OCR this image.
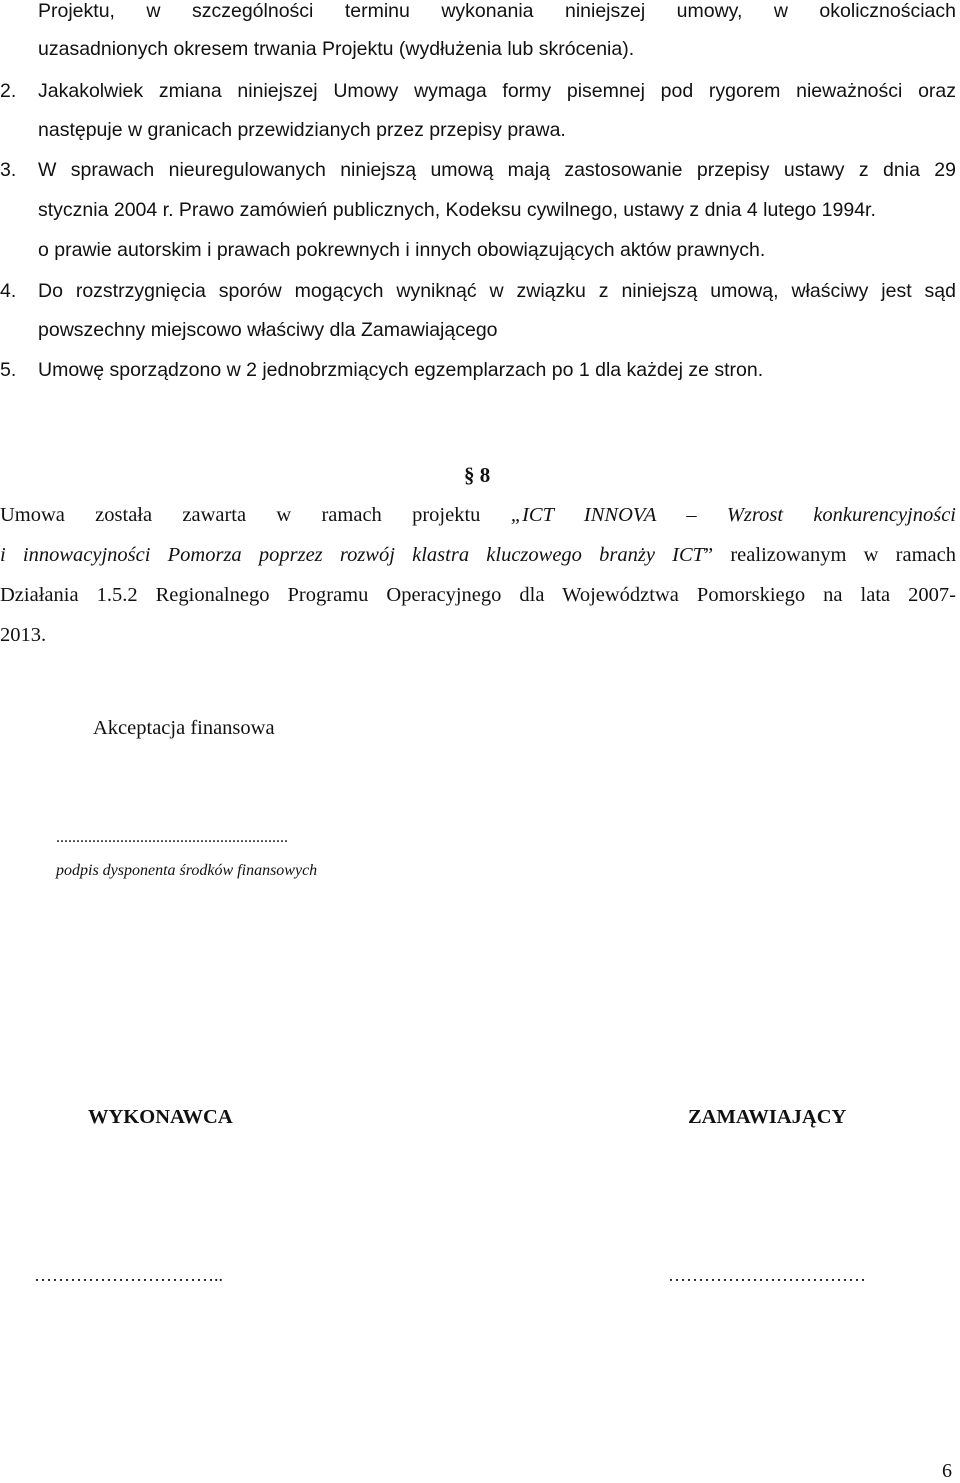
Projektu, w szczególności terminu wykonania niniejszej umowy, w okolicznościach
uzasadnionych okresem trwania Projektu (wydłużenia lub skrócenia).
2. Jakakolwiek zmiana niniejszej Umowy wymaga formy pisemnej pod rygorem nieważności oraz
następuje w granicach przewidzianych przez przepisy prawa.
3. W sprawach nieuregulowanych niniejszą umową mają zastosowanie przepisy ustawy z dnia 29
stycznia 2004 r. Prawo zamówień publicznych, Kodeksu cywilnego, ustawy z dnia 4 lutego 1994r.
o prawie autorskim i prawach pokrewnych i innych obowiązujących aktów prawnych.
4. Do rozstrzygnięcia sporów mogących wyniknąć w związku z niniejszą umową, właściwy jest sąd
powszechny miejscowo właściwy dla Zamawiającego
5. Umowę sporządzono w 2 jednobrzmiących egzemplarzach po 1 dla każdej ze stron.
§ 8
Umowa została zawarta w ramach projektu „ICT INNOVA – Wzrost konkurencyjności
i innowacyjności Pomorza poprzez rozwój klastra kluczowego branży ICT” realizowanym w ramach
Działania 1.5.2 Regionalnego Programu Operacyjnego dla Województwa Pomorskiego na lata 2007-
2013.
Akceptacja finansowa
..........................................................
podpis dysponenta środków finansowych
WYKONAWCA	ZAMAWIAJĄCY
…………………………..	……………………………
6
